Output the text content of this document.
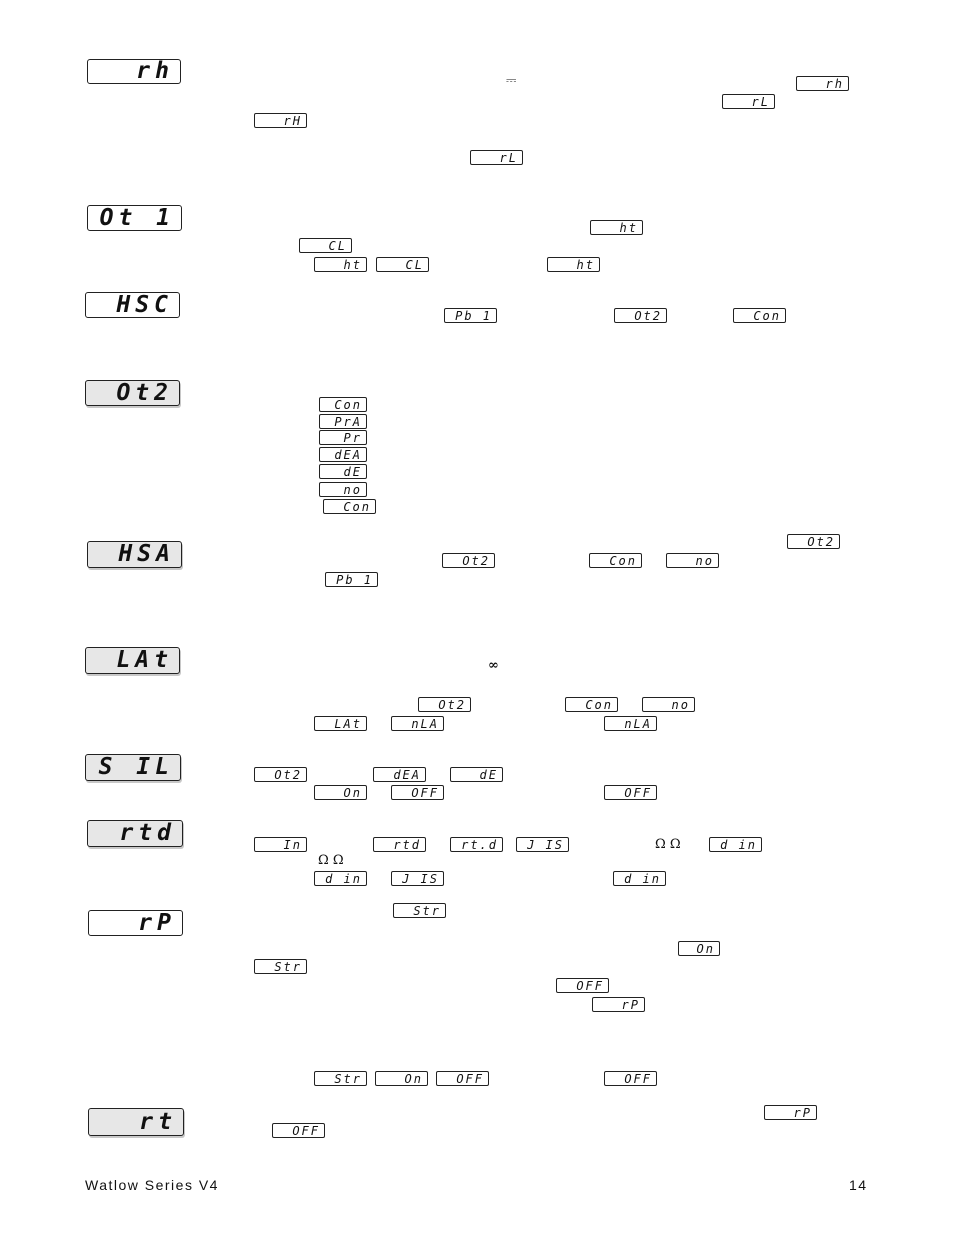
rh
Ot 1
HSC
Ot2
HSA
LAt
S IL
rtd
rP
rt
⎓	rh
rL
rH
rL
ht
CL
ht	CL	ht
Pb 1	Ot2	Con
Con
PrA
Pr
dEA
dE
no
Con
Ot2
Ot2	Con	no
Pb 1
∞
Ot2	Con	no
LAt	nLA	nLA
Ot2	dEA	dE
On	OFF	OFF
In	rtd	rt.d	J IS	Ω Ω	d in
Ω Ω
d in	J IS	d in
Str
On
Str
OFF
rP
Str	On	OFF	OFF
rP
OFF
Watlow Series V4	14
